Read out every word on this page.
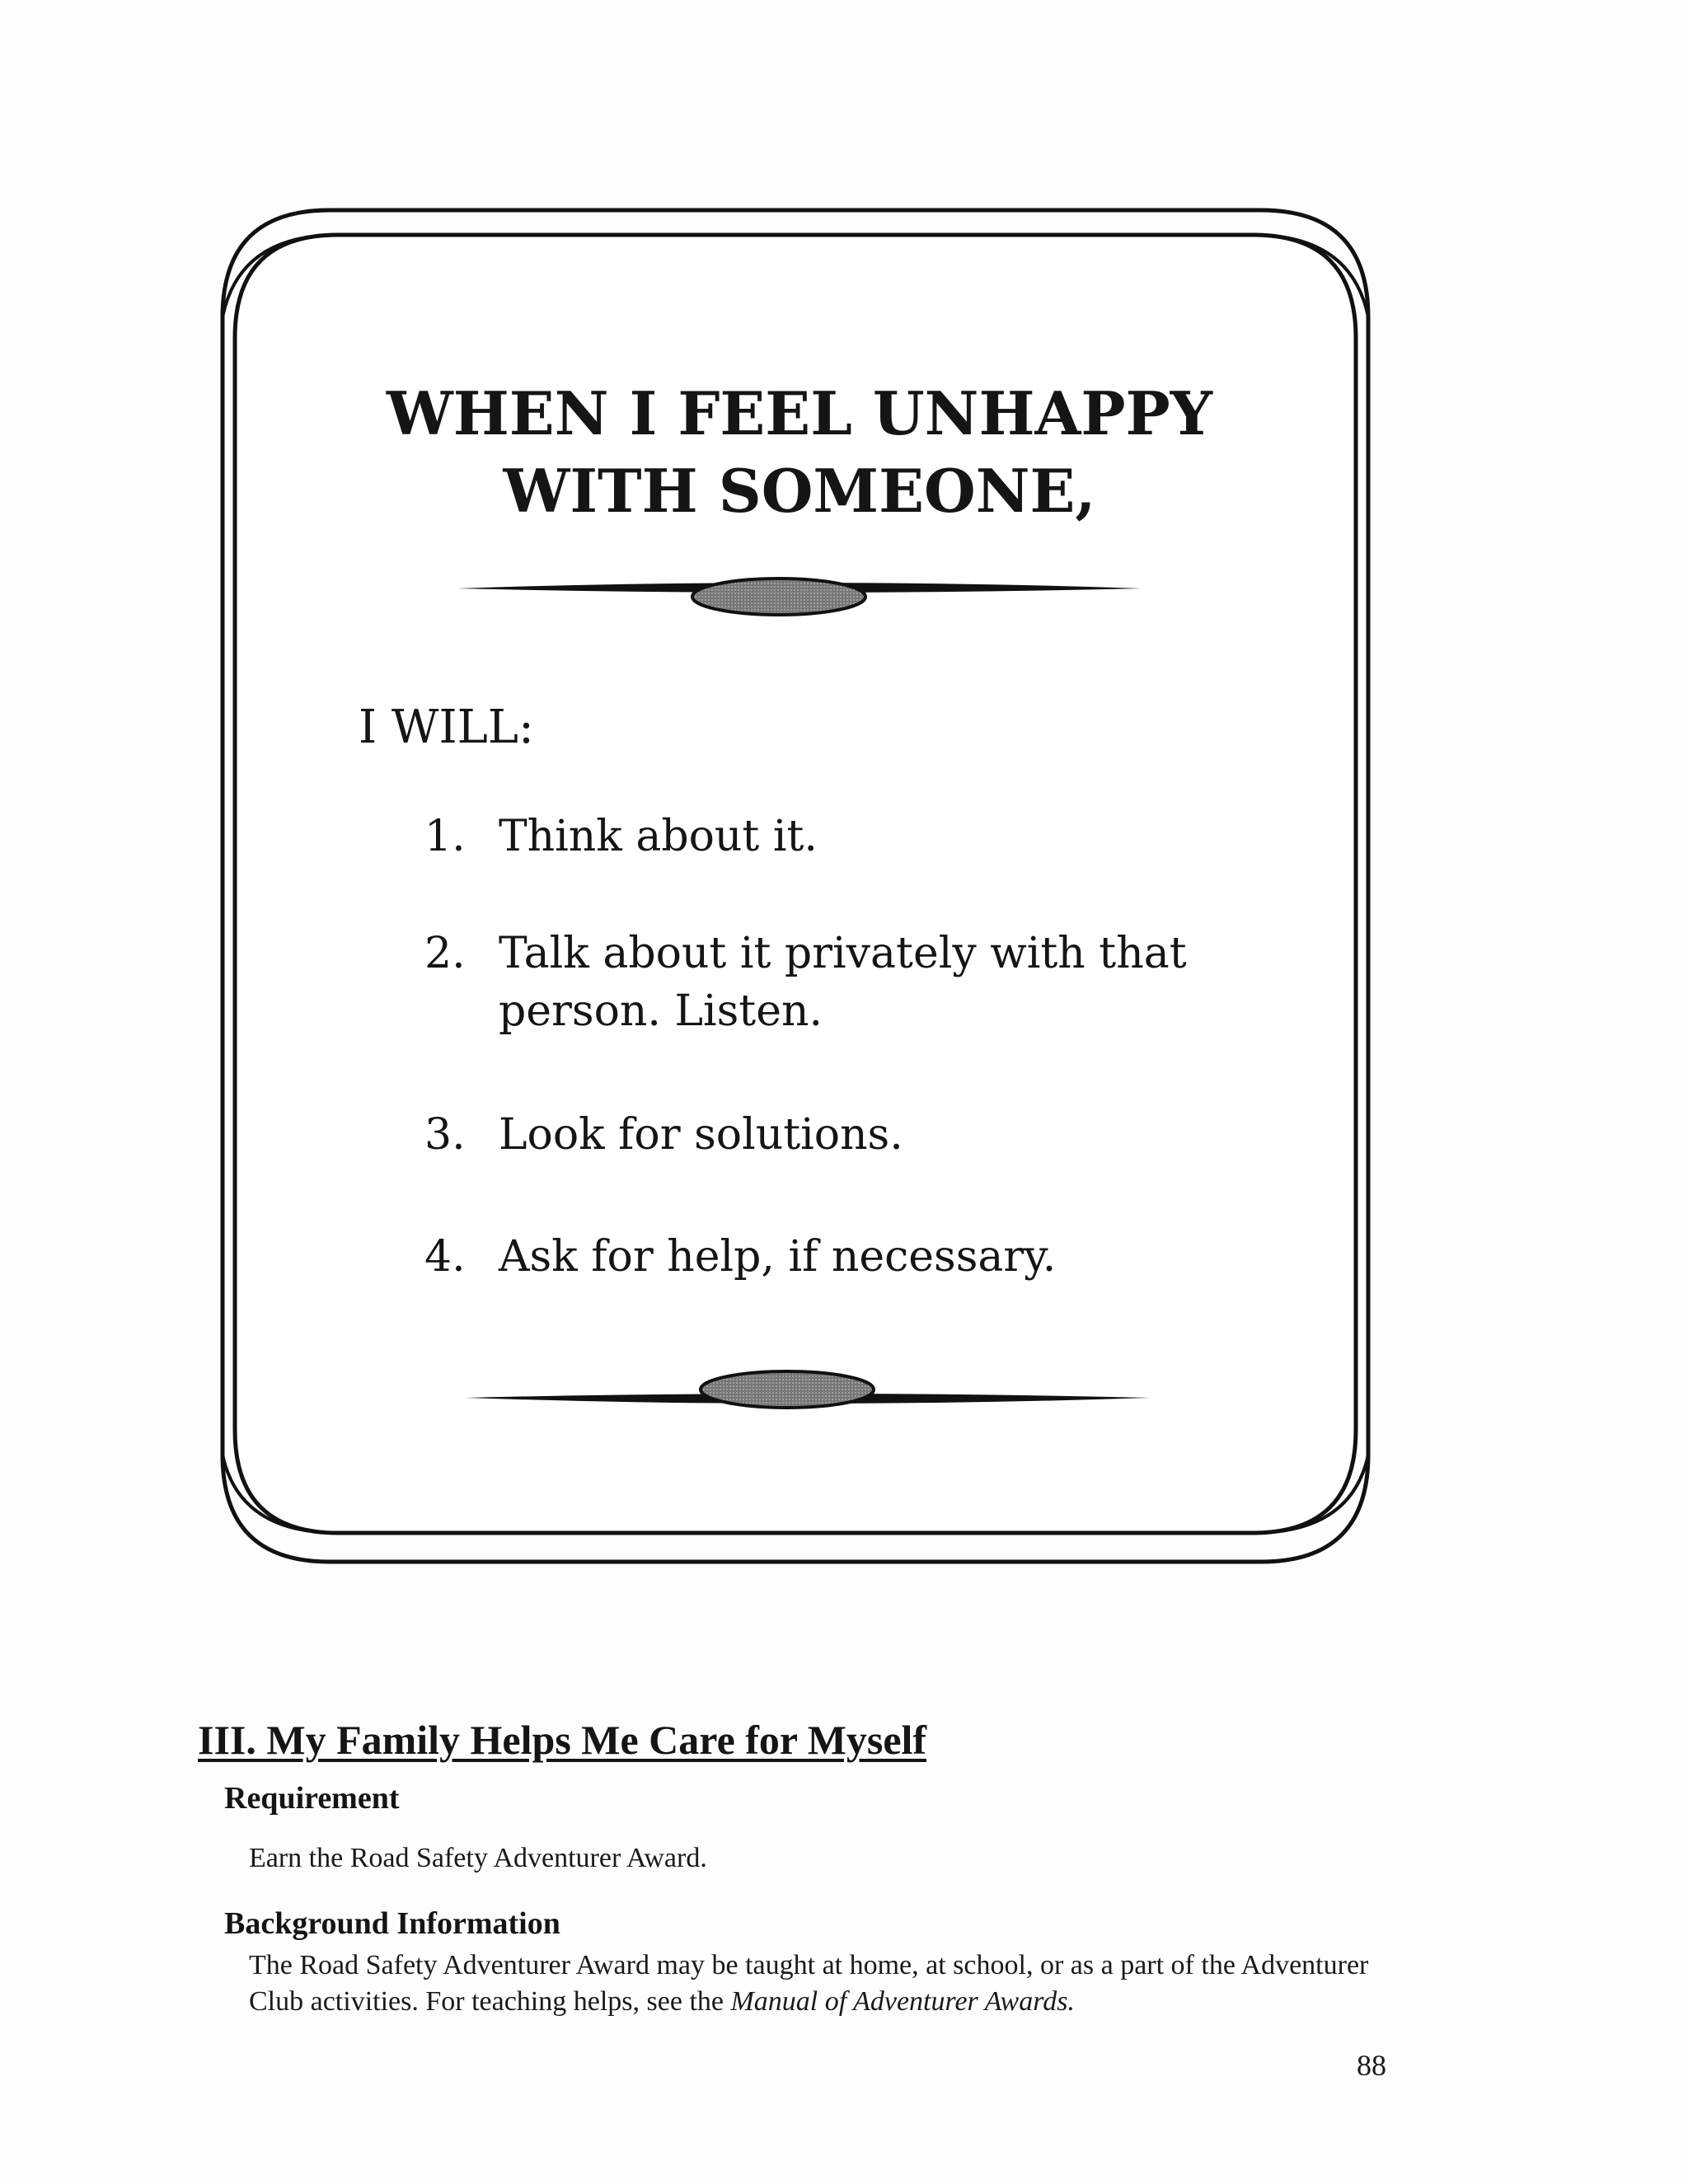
WHEN I FEEL UNHAPPY
WITH SOMEONE,
I WILL:
1. Think about it.
2. Talk about it privately with that person. Listen.
3. Look for solutions.
4. Ask for help, if necessary.
III. My Family Helps Me Care for Myself
Requirement
Earn the Road Safety Adventurer Award.
Background Information
The Road Safety Adventurer Award may be taught at home, at school, or as a part of the Adventurer Club activities. For teaching helps, see the Manual of Adventurer Awards.
88
